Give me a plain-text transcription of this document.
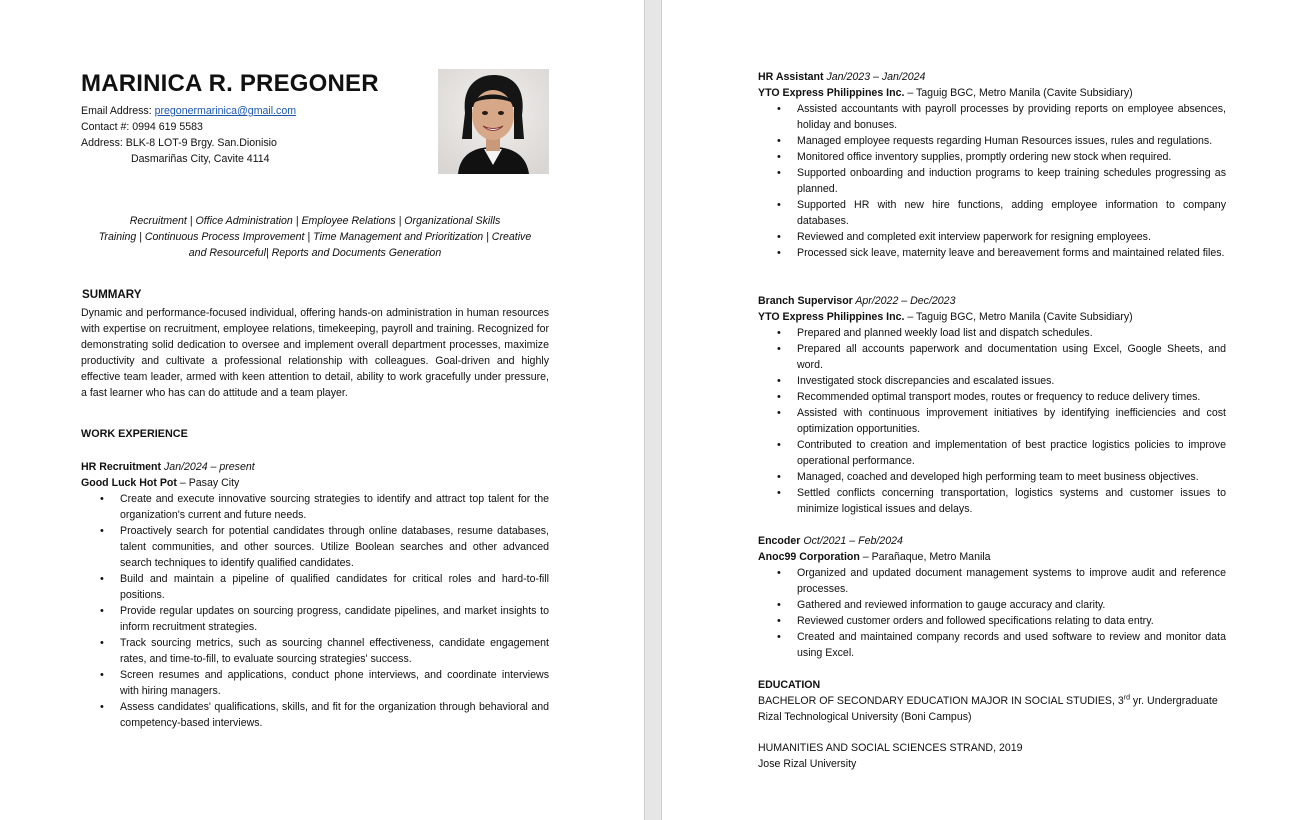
MARINICA R. PREGONER
Email Address: pregonermarinica@gmail.com
Contact #: 0994 619 5583
Address: BLK-8 LOT-9 Brgy. San.Dionisio
Dasmariñas City, Cavite 4114
Recruitment | Office Administration | Employee Relations | Organizational Skills
Training | Continuous Process Improvement | Time Management and Prioritization | Creative
and Resourceful| Reports and Documents Generation
SUMMARY
Dynamic and performance-focused individual, offering hands-on administration in human resources with expertise on recruitment, employee relations, timekeeping, payroll and training. Recognized for demonstrating solid dedication to oversee and implement overall department processes, maximize productivity and cultivate a professional relationship with colleagues. Goal-driven and highly effective team leader, armed with keen attention to detail, ability to work gracefully under pressure, a fast learner who has can do attitude and a team player.
WORK EXPERIENCE
HR Recruitment Jan/2024 – present
Good Luck Hot Pot – Pasay City
• Create and execute innovative sourcing strategies to identify and attract top talent for the organization's current and future needs.
• Proactively search for potential candidates through online databases, resume databases, talent communities, and other sources. Utilize Boolean searches and other advanced search techniques to identify qualified candidates.
• Build and maintain a pipeline of qualified candidates for critical roles and hard-to-fill positions.
• Provide regular updates on sourcing progress, candidate pipelines, and market insights to inform recruitment strategies.
• Track sourcing metrics, such as sourcing channel effectiveness, candidate engagement rates, and time-to-fill, to evaluate sourcing strategies' success.
• Screen resumes and applications, conduct phone interviews, and coordinate interviews with hiring managers.
• Assess candidates' qualifications, skills, and fit for the organization through behavioral and competency-based interviews.
HR Assistant Jan/2023 – Jan/2024
YTO Express Philippines Inc. – Taguig BGC, Metro Manila (Cavite Subsidiary)
• Assisted accountants with payroll processes by providing reports on employee absences, holiday and bonuses.
• Managed employee requests regarding Human Resources issues, rules and regulations.
• Monitored office inventory supplies, promptly ordering new stock when required.
• Supported onboarding and induction programs to keep training schedules progressing as planned.
• Supported HR with new hire functions, adding employee information to company databases.
• Reviewed and completed exit interview paperwork for resigning employees.
• Processed sick leave, maternity leave and bereavement forms and maintained related files.
Branch Supervisor Apr/2022 – Dec/2023
YTO Express Philippines Inc. – Taguig BGC, Metro Manila (Cavite Subsidiary)
• Prepared and planned weekly load list and dispatch schedules.
• Prepared all accounts paperwork and documentation using Excel, Google Sheets, and word.
• Investigated stock discrepancies and escalated issues.
• Recommended optimal transport modes, routes or frequency to reduce delivery times.
• Assisted with continuous improvement initiatives by identifying inefficiencies and cost optimization opportunities.
• Contributed to creation and implementation of best practice logistics policies to improve operational performance.
• Managed, coached and developed high performing team to meet business objectives.
• Settled conflicts concerning transportation, logistics systems and customer issues to minimize logistical issues and delays.
Encoder Oct/2021 – Feb/2024
Anoc99 Corporation – Parañaque, Metro Manila
• Organized and updated document management systems to improve audit and reference processes.
• Gathered and reviewed information to gauge accuracy and clarity.
• Reviewed customer orders and followed specifications relating to data entry.
• Created and maintained company records and used software to review and monitor data using Excel.
EDUCATION
BACHELOR OF SECONDARY EDUCATION MAJOR IN SOCIAL STUDIES, 3rd yr. Undergraduate
Rizal Technological University (Boni Campus)
HUMANITIES AND SOCIAL SCIENCES STRAND, 2019
Jose Rizal University
